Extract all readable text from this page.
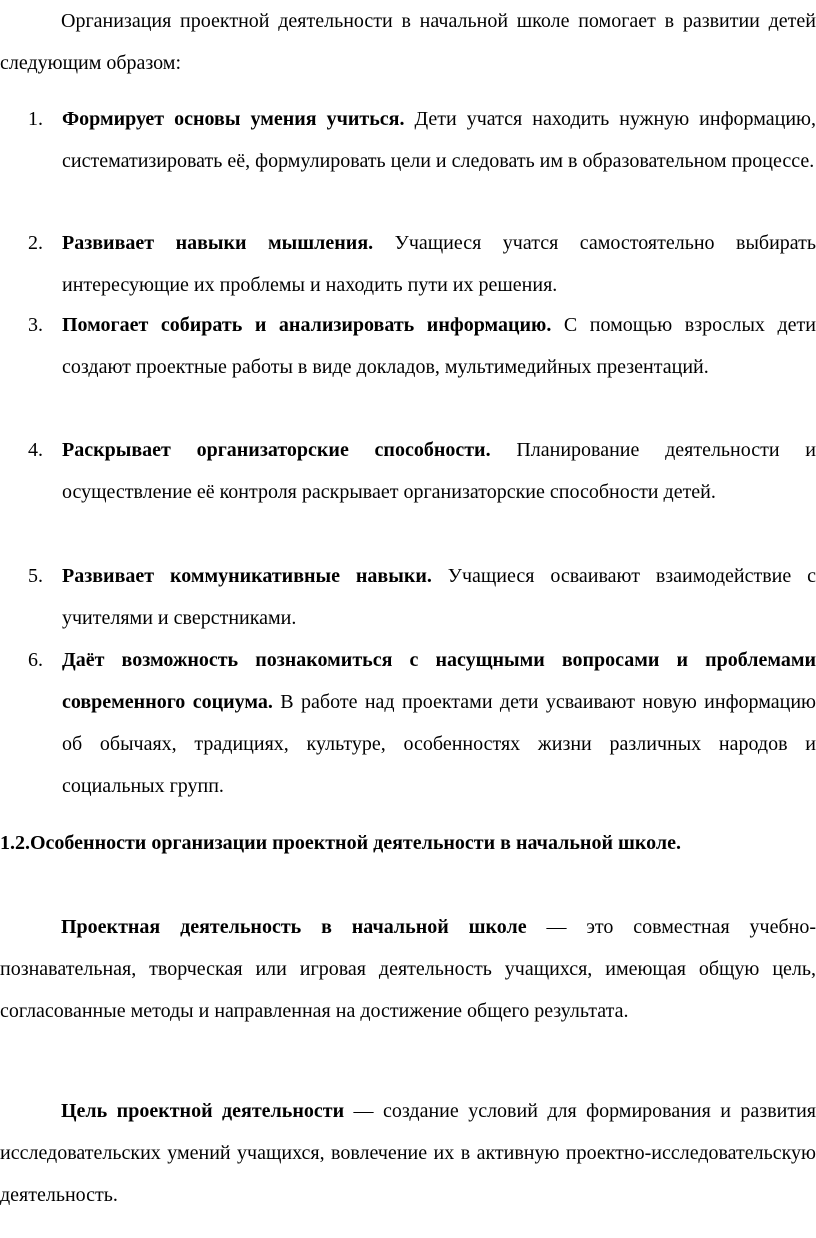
Организация проектной деятельности в начальной школе помогает в развитии детей следующим образом:

1. Формирует основы умения учиться. Дети учатся находить нужную информацию, систематизировать её, формулировать цели и следовать им в образовательном процессе.
2. Развивает навыки мышления. Учащиеся учатся самостоятельно выбирать интересующие их проблемы и находить пути их решения.
3. Помогает собирать и анализировать информацию. С помощью взрослых дети создают проектные работы в виде докладов, мультимедийных презентаций.
4. Раскрывает организаторские способности. Планирование деятельности и осуществление её контроля раскрывает организаторские способности детей.
5. Развивает коммуникативные навыки. Учащиеся осваивают взаимодействие с учителями и сверстниками.
6. Даёт возможность познакомиться с насущными вопросами и проблемами современного социума. В работе над проектами дети усваивают новую информацию об обычаях, традициях, культуре, особенностях жизни различных народов и социальных групп.

1.2.Особенности организации проектной деятельности в начальной школе.

Проектная деятельность в начальной школе — это совместная учебно-познавательная, творческая или игровая деятельность учащихся, имеющая общую цель, согласованные методы и направленная на достижение общего результата.

Цель проектной деятельности — создание условий для формирования и развития исследовательских умений учащихся, вовлечение их в активную проектно-исследовательскую деятельность.
